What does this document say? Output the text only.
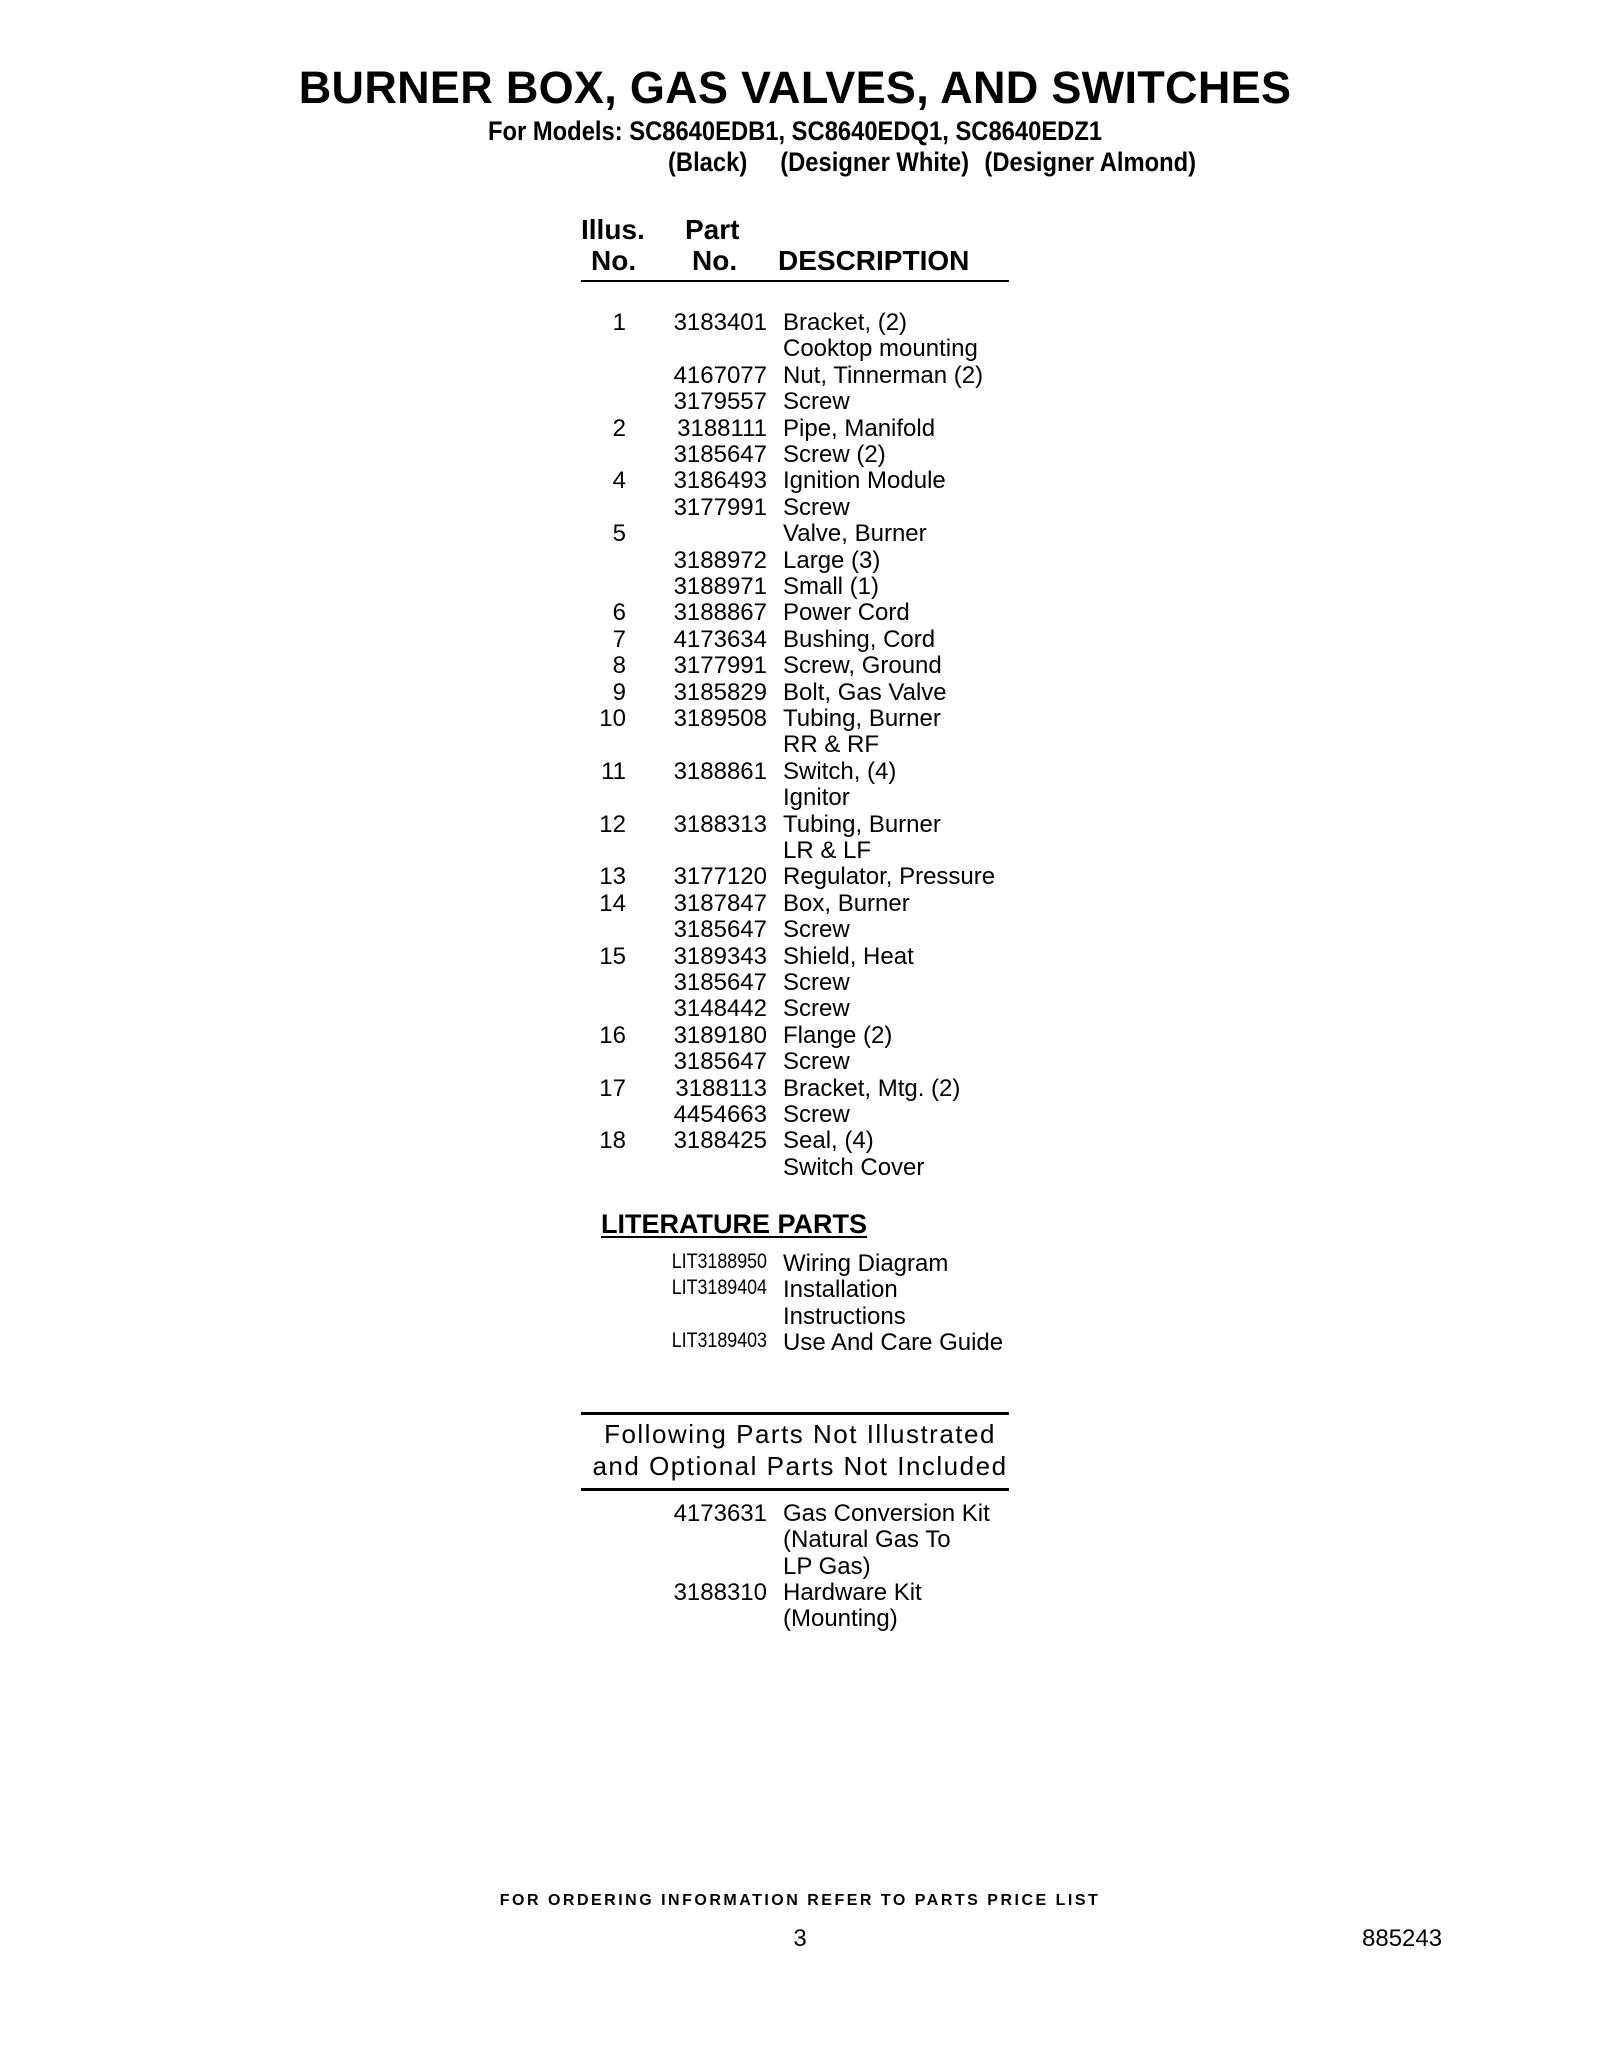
BURNER BOX, GAS VALVES, AND SWITCHES
For Models: SC8640EDB1, SC8640EDQ1, SC8640EDZ1
(Black) (Designer White) (Designer Almond)
Illus.
No.
Part
No. DESCRIPTION
1	3183401 Bracket, (2)
Cooktop mounting
4167077 Nut, Tinnerman (2)
3179557 Screw
2	3188111 Pipe, Manifold
3185647 Screw (2)
4	3186493 Ignition Module
3177991 Screw
5	Valve, Burner
3188972 Large (3)
3188971 Small (1)
6	3188867 Power Cord
7	4173634 Bushing, Cord
8	3177991 Screw, Ground
9	3185829 Bolt, Gas Valve
10	3189508 Tubing, Burner
RR & RF
11	3188861 Switch, (4)
Ignitor
12	3188313 Tubing, Burner
LR & LF
13	3177120 Regulator, Pressure
14	3187847 Box, Burner
3185647 Screw
15	3189343 Shield, Heat
3185647 Screw
3148442 Screw
16	3189180 Flange (2)
3185647 Screw
17	3188113 Bracket, Mtg. (2)
4454663 Screw
18	3188425 Seal, (4)
Switch Cover
LITERATURE PARTS
LIT3188950 Wiring Diagram
LIT3189404 Installation
Instructions
LIT3189403 Use And Care Guide
Following Parts Not Illustrated
and Optional Parts Not Included
4173631 Gas Conversion Kit
(Natural Gas To
LP Gas)
3188310 Hardware Kit
(Mounting)
FOR ORDERING INFORMATION REFER TO PARTS PRICE LIST
3	885243
